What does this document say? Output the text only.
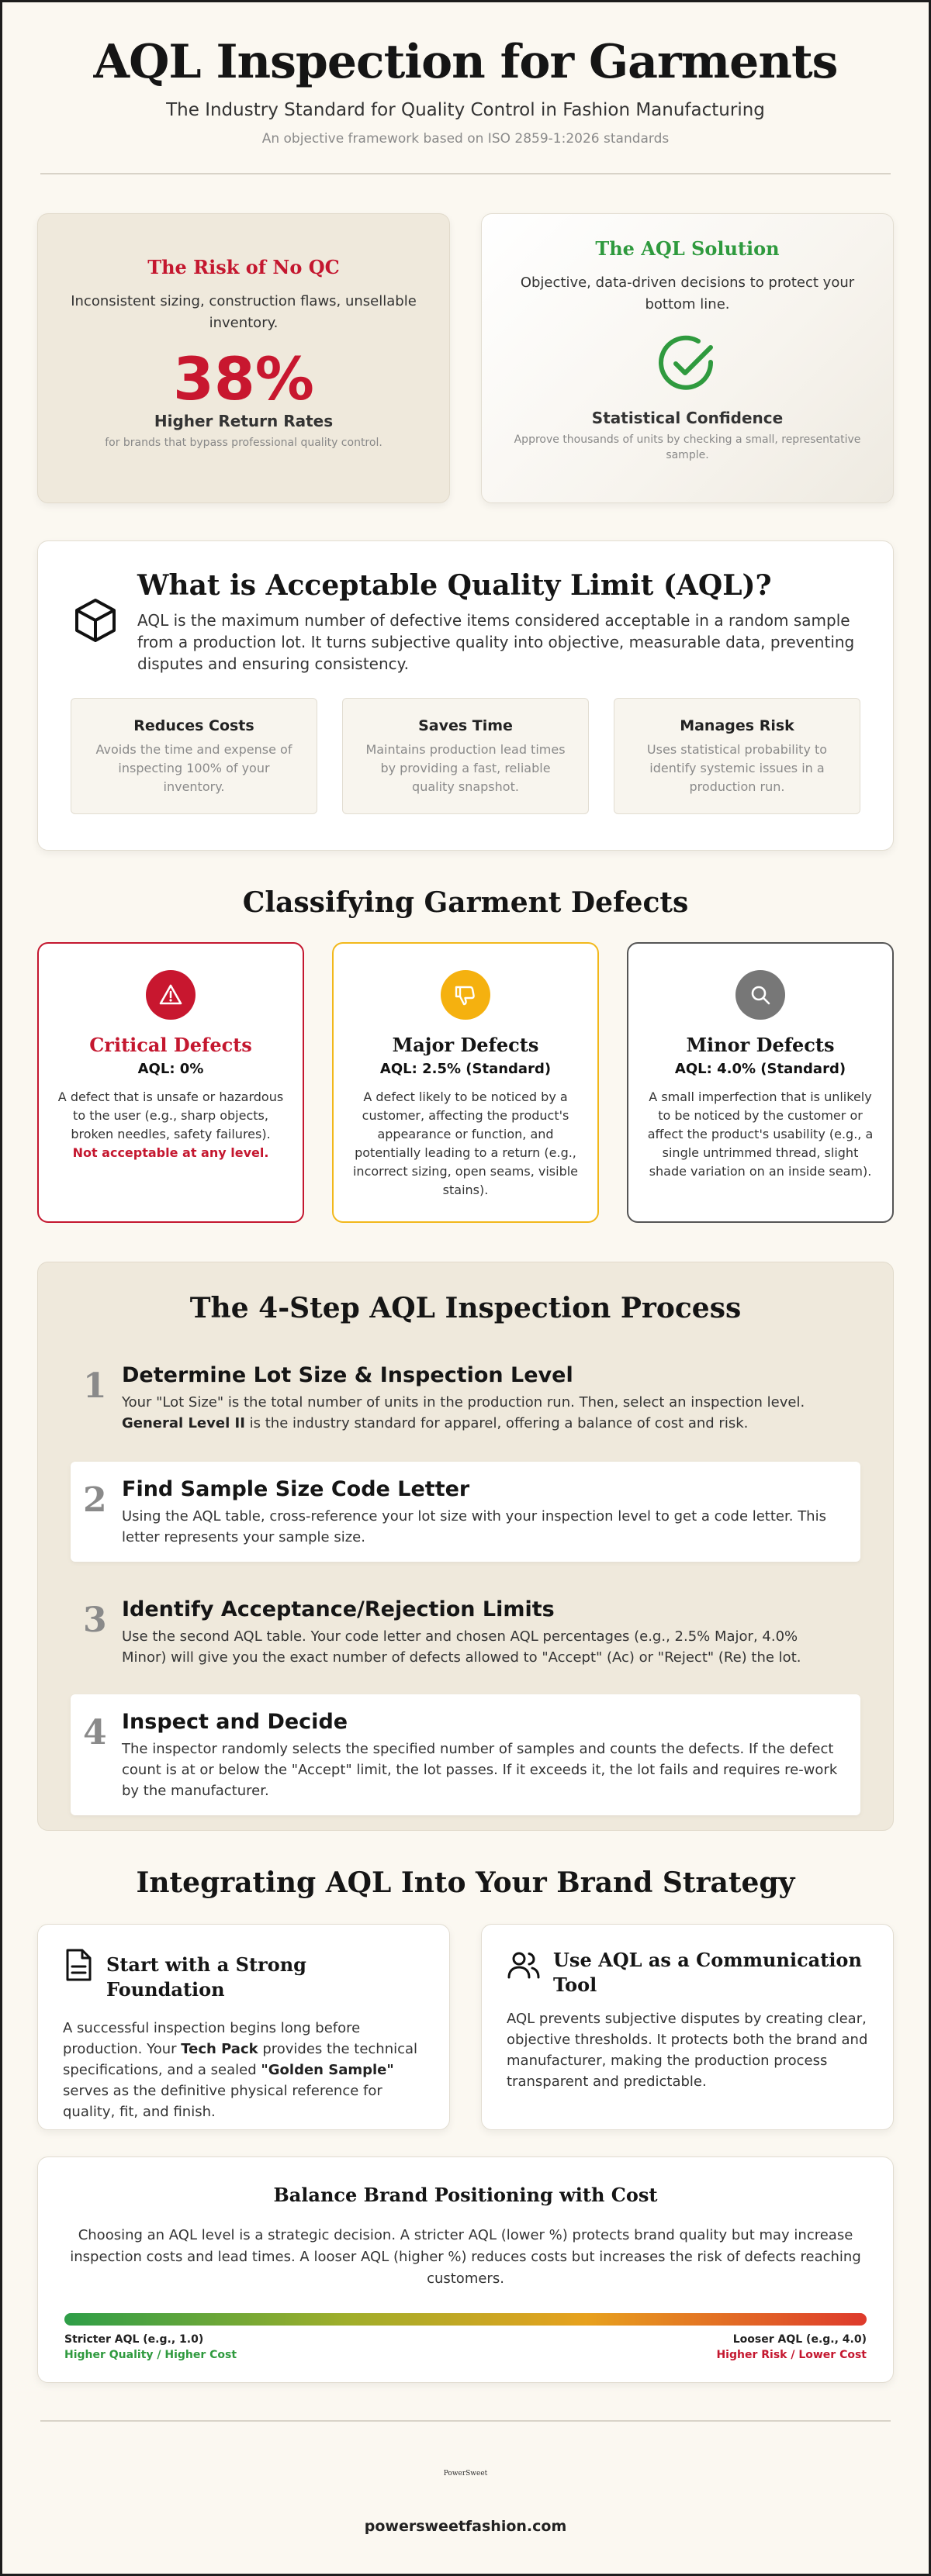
AQL Inspection for Garments
The Industry Standard for Quality Control in Fashion Manufacturing
An objective framework based on ISO 2859-1:2026 standards
The Risk of No QC

Inconsistent sizing, construction flaws, unsellable inventory.

38%
Higher Return Rates
for brands that bypass professional quality control.
The AQL Solution

Objective, data-driven decisions to protect your bottom line.

Statistical Confidence
Approve thousands of units by checking a small, representative sample.
What is Acceptable Quality Limit (AQL)?

AQL is the maximum number of defective items considered acceptable in a random sample from a production lot. It turns subjective quality into objective, measurable data, preventing disputes and ensuring consistency.

Reduces Costs

Avoids the time and expense of inspecting 100% of your inventory.

Saves Time

Maintains production lead times by providing a fast, reliable quality snapshot.

Manages Risk

Uses statistical probability to identify systemic issues in a production run.

Classifying Garment Defects
Critical Defects
AQL: 0%

A defect that is unsafe or hazardous to the user (e.g., sharp objects, broken needles, safety failures). Not acceptable at any level.

Major Defects
AQL: 2.5% (Standard)

A defect likely to be noticed by a customer, affecting the product's appearance or function, and potentially leading to a return (e.g., incorrect sizing, open seams, visible stains).

Minor Defects
AQL: 4.0% (Standard)

A small imperfection that is unlikely to be noticed by the customer or affect the product's usability (e.g., a single untrimmed thread, slight shade variation on an inside seam).

The 4-Step AQL Inspection Process
1 Determine Lot Size & Inspection Level

Your "Lot Size" is the total number of units in the production run. Then, select an inspection level. General Level II is the industry standard for apparel, offering a balance of cost and risk.

2 Find Sample Size Code Letter

Using the AQL table, cross-reference your lot size with your inspection level to get a code letter. This letter represents your sample size.

3 Identify Acceptance/Rejection Limits

Use the second AQL table. Your code letter and chosen AQL percentages (e.g., 2.5% Major, 4.0% Minor) will give you the exact number of defects allowed to "Accept" (Ac) or "Reject" (Re) the lot.

4 Inspect and Decide

The inspector randomly selects the specified number of samples and counts the defects. If the defect count is at or below the "Accept" limit, the lot passes. If it exceeds it, the lot fails and requires re-work by the manufacturer.

Integrating AQL Into Your Brand Strategy
Start with a Strong Foundation

A successful inspection begins long before production. Your Tech Pack provides the technical specifications, and a sealed "Golden Sample" serves as the definitive physical reference for quality, fit, and finish.

Use AQL as a Communication Tool

AQL prevents subjective disputes by creating clear, objective thresholds. It protects both the brand and manufacturer, making the production process transparent and predictable.

Balance Brand Positioning with Cost

Choosing an AQL level is a strategic decision. A stricter AQL (lower %) protects brand quality but may increase inspection costs and lead times. A looser AQL (higher %) reduces costs but increases the risk of defects reaching customers.

Stricter AQL (e.g., 1.0)
Higher Quality / Higher Cost
Looser AQL (e.g., 4.0)
Higher Risk / Lower Cost
PowerSweet
powersweetfashion.com
